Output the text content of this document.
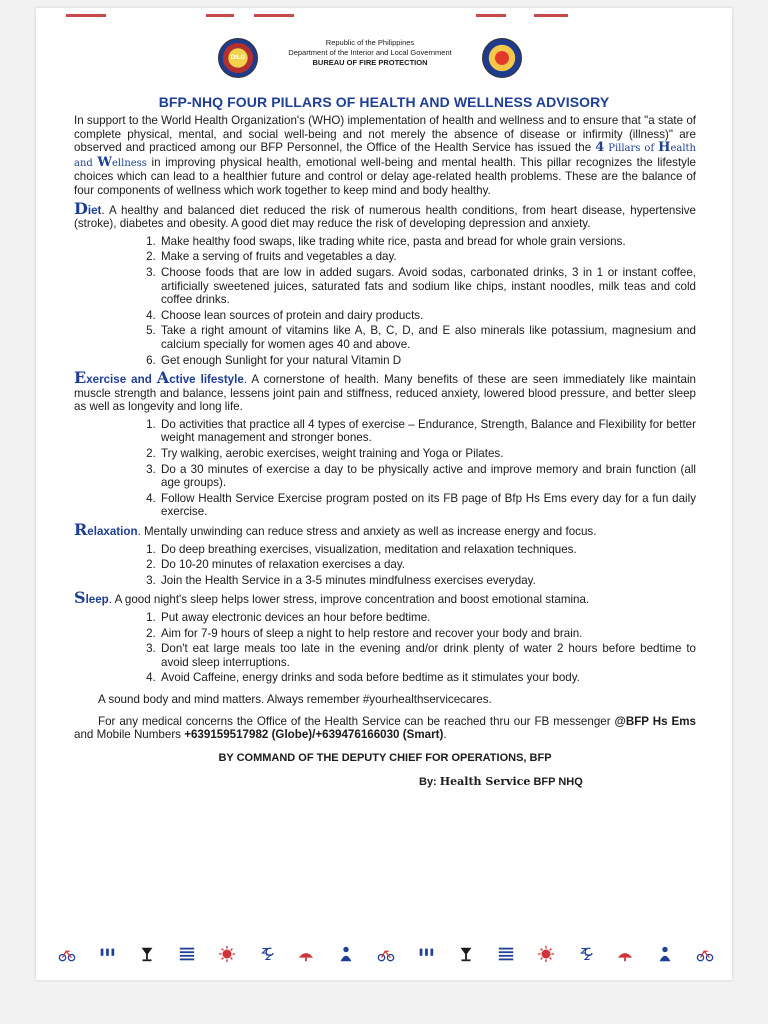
DILG
Republic of the Philippines
Department of the Interior and Local Government
BUREAU OF FIRE PROTECTION
BFP-NHQ FOUR PILLARS OF HEALTH AND WELLNESS ADVISORY

In support to the World Health Organization's (WHO) implementation of health and wellness and to ensure that "a state of complete physical, mental, and social well-being and not merely the absence of disease or infirmity (illness)" are observed and practiced among our BFP Personnel, the Office of the Health Service has issued the 4 Pillars of Health and Wellness in improving physical health, emotional well-being and mental health. This pillar recognizes the lifestyle choices which can lead to a healthier future and control or delay age-related health problems. These are the balance of four components of wellness which work together to keep mind and body healthy.

Diet. A healthy and balanced diet reduced the risk of numerous health conditions, from heart disease, hypertensive (stroke), diabetes and obesity. A good diet may reduce the risk of developing depression and anxiety.

1. Make healthy food swaps, like trading white rice, pasta and bread for whole grain versions.
2. Make a serving of fruits and vegetables a day.
3. Choose foods that are low in added sugars. Avoid sodas, carbonated drinks, 3 in 1 or instant coffee, artificially sweetened juices, saturated fats and sodium like chips, instant noodles, milk teas and cold coffee drinks.
4. Choose lean sources of protein and dairy products.
5. Take a right amount of vitamins like A, B, C, D, and E also minerals like potassium, magnesium and calcium specially for women ages 40 and above.
6. Get enough Sunlight for your natural Vitamin D

Exercise and Active lifestyle. A cornerstone of health. Many benefits of these are seen immediately like maintain muscle strength and balance, lessens joint pain and stiffness, reduced anxiety, lowered blood pressure, and better sleep as well as longevity and long life.

1. Do activities that practice all 4 types of exercise – Endurance, Strength, Balance and Flexibility for better weight management and stronger bones.
2. Try walking, aerobic exercises, weight training and Yoga or Pilates.
3. Do a 30 minutes of exercise a day to be physically active and improve memory and brain function (all age groups).
4. Follow Health Service Exercise program posted on its FB page of Bfp Hs Ems every day for a fun daily exercise.

Relaxation. Mentally unwinding can reduce stress and anxiety as well as increase energy and focus.

1. Do deep breathing exercises, visualization, meditation and relaxation techniques.
2. Do 10-20 minutes of relaxation exercises a day.
3. Join the Health Service in a 3-5 minutes mindfulness exercises everyday.

Sleep. A good night's sleep helps lower stress, improve concentration and boost emotional stamina.

1. Put away electronic devices an hour before bedtime.
2. Aim for 7-9 hours of sleep a night to help restore and recover your body and brain.
3. Don't eat large meals too late in the evening and/or drink plenty of water 2 hours before bedtime to avoid sleep interruptions.
4. Avoid Caffeine, energy drinks and soda before bedtime as it stimulates your body.

A sound body and mind matters. Always remember #yourhealthservicecares.

For any medical concerns the Office of the Health Service can be reached thru our FB messenger @BFP Hs Ems and Mobile Numbers +639159517982 (Globe)/+639476166030 (Smart).

BY COMMAND OF THE DEPUTY CHIEF FOR OPERATIONS, BFP
By: Health Service BFP NHQ
